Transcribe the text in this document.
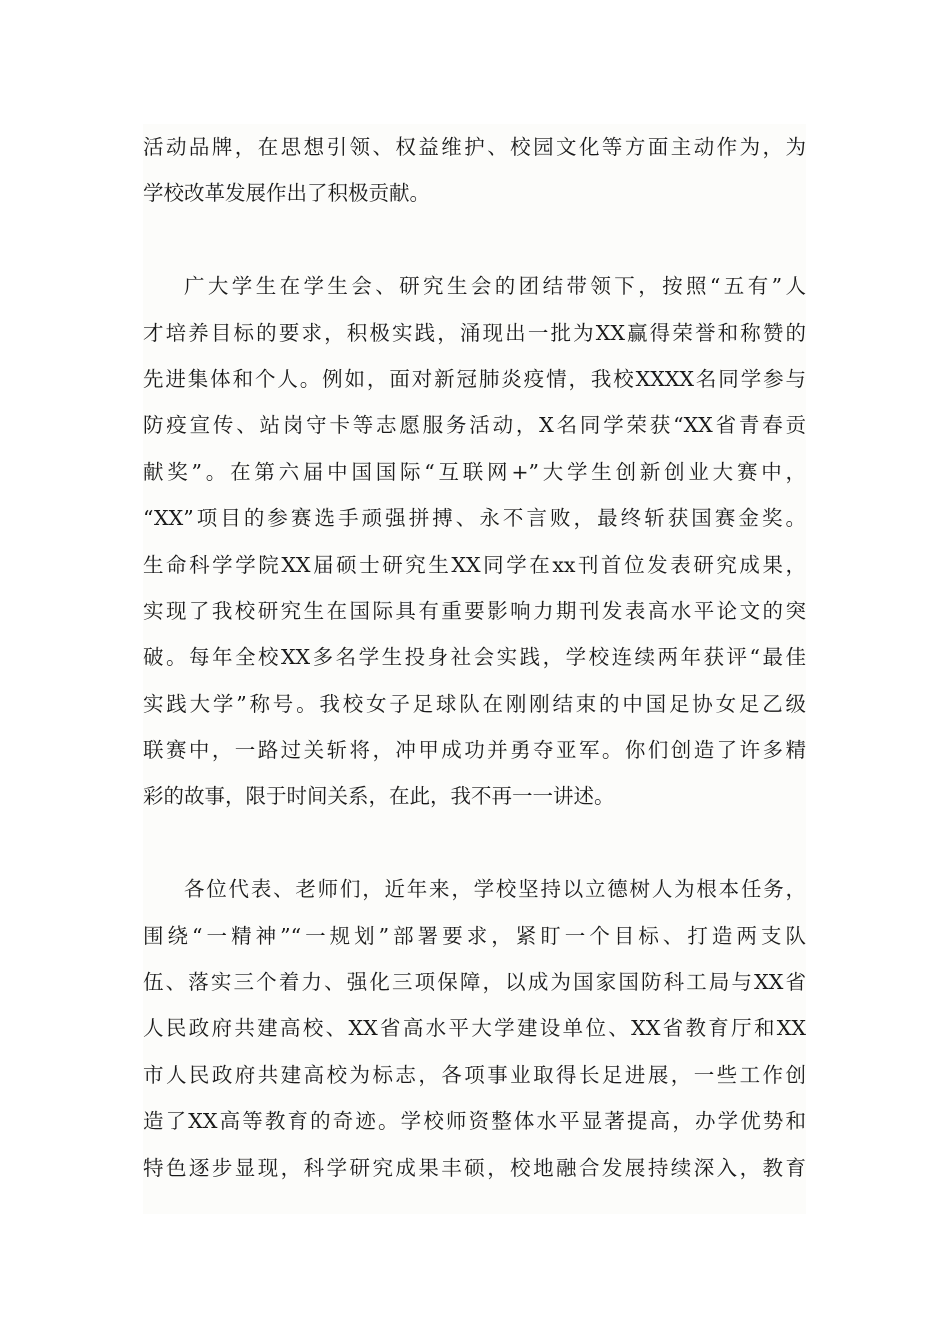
活动品牌，在思想引领、权益维护、校园文化等方面主动作为，为
学校改革发展作出了积极贡献。
广大学生在学生会、研究生会的团结带领下，按照“五有”人
才培养目标的要求，积极实践，涌现出一批为XX赢得荣誉和称赞的
先进集体和个人。例如，面对新冠肺炎疫情，我校XXXX名同学参与
防疫宣传、站岗守卡等志愿服务活动，X名同学荣获“XX省青春贡
献奖”。在第六届中国国际“互联网+”大学生创新创业大赛中，
“XX”项目的参赛选手顽强拼搏、永不言败，最终斩获国赛金奖。
生命科学学院XX届硕士研究生XX同学在xx刊首位发表研究成果，
实现了我校研究生在国际具有重要影响力期刊发表高水平论文的突
破。每年全校XX多名学生投身社会实践，学校连续两年获评“最佳
实践大学”称号。我校女子足球队在刚刚结束的中国足协女足乙级
联赛中，一路过关斩将，冲甲成功并勇夺亚军。你们创造了许多精
彩的故事，限于时间关系，在此，我不再一一讲述。
各位代表、老师们，近年来，学校坚持以立德树人为根本任务，
围绕“一精神”“一规划”部署要求，紧盯一个目标、打造两支队
伍、落实三个着力、强化三项保障，以成为国家国防科工局与XX省
人民政府共建高校、XX省高水平大学建设单位、XX省教育厅和XX
市人民政府共建高校为标志，各项事业取得长足进展，一些工作创
造了XX高等教育的奇迹。学校师资整体水平显著提高，办学优势和
特色逐步显现，科学研究成果丰硕，校地融合发展持续深入，教育
